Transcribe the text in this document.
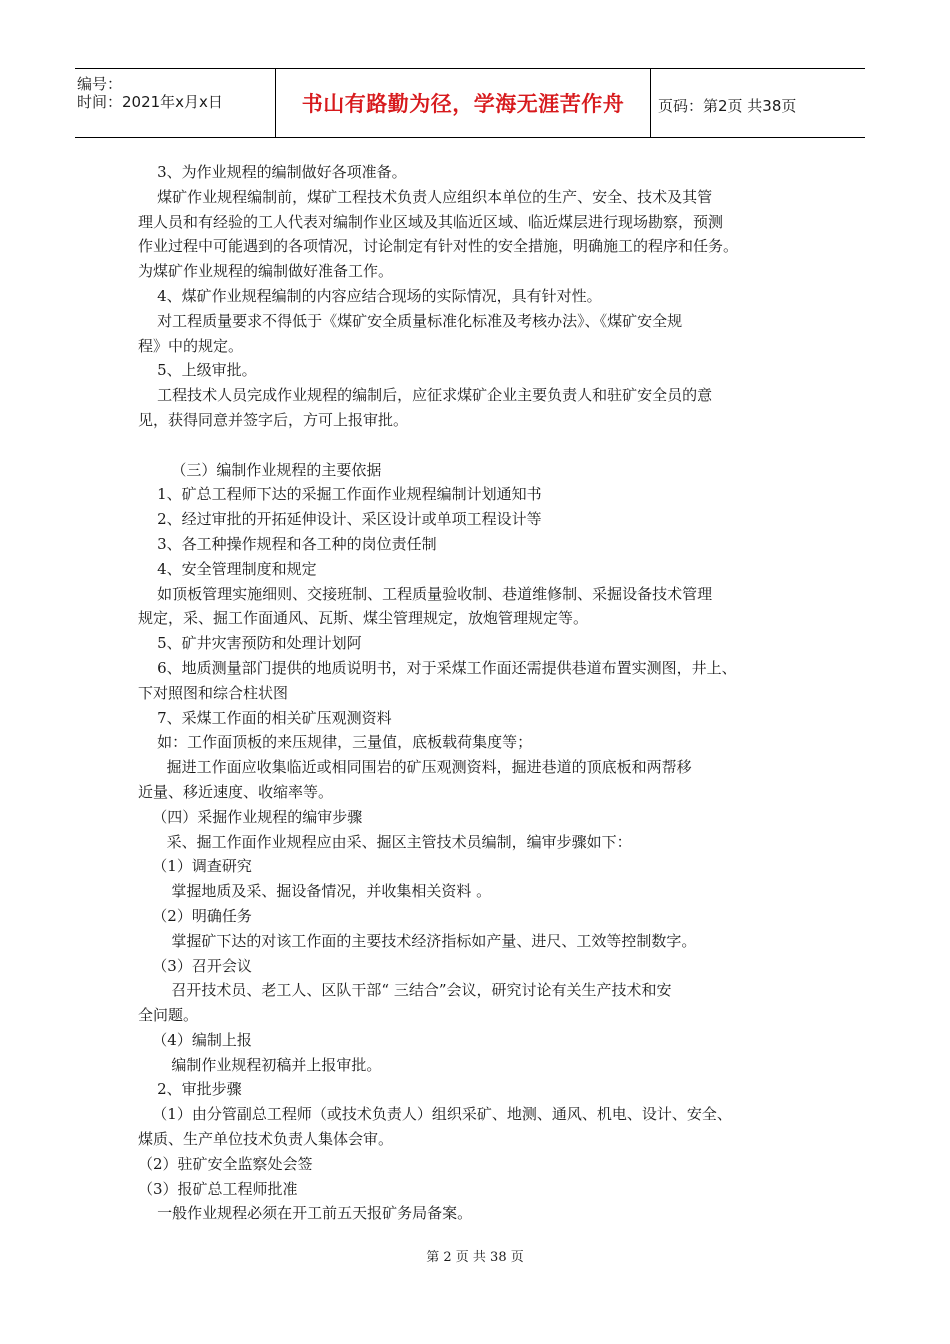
编号：
时间：2021年x月x日	书山有路勤为径，学海无涯苦作舟	页码：第2页 共38页
3、为作业规程的编制做好各项准备。
煤矿作业规程编制前，煤矿工程技术负责人应组织本单位的生产、安全、技术及其管
理人员和有经验的工人代表对编制作业区域及其临近区域、临近煤层进行现场勘察，预测
作业过程中可能遇到的各项情况，讨论制定有针对性的安全措施，明确施工的程序和任务。
为煤矿作业规程的编制做好准备工作。
4、煤矿作业规程编制的内容应结合现场的实际情况，具有针对性。
对工程质量要求不得低于《煤矿安全质量标准化标准及考核办法》、《煤矿安全规
程》中的规定。
5、上级审批。
工程技术人员完成作业规程的编制后，应征求煤矿企业主要负责人和驻矿安全员的意
见，获得同意并签字后，方可上报审批。
（三）编制作业规程的主要依据
1、矿总工程师下达的采掘工作面作业规程编制计划通知书
2、经过审批的开拓延伸设计、采区设计或单项工程设计等
3、各工种操作规程和各工种的岗位责任制
4、安全管理制度和规定
如顶板管理实施细则、交接班制、工程质量验收制、巷道维修制、采掘设备技术管理
规定，采、掘工作面通风、瓦斯、煤尘管理规定，放炮管理规定等。
5、矿井灾害预防和处理计划阿
6、地质测量部门提供的地质说明书，对于采煤工作面还需提供巷道布置实测图，井上、
下对照图和综合柱状图
7、采煤工作面的相关矿压观测资料
如：工作面顶板的来压规律，三量值，底板载荷集度等；
掘进工作面应收集临近或相同围岩的矿压观测资料，掘进巷道的顶底板和两帮移
近量、移近速度、收缩率等。
（四）采掘作业规程的编审步骤
采、掘工作面作业规程应由采、掘区主管技术员编制，编审步骤如下：
（1）调查研究
掌握地质及采、掘设备情况，并收集相关资料 。
（2）明确任务
掌握矿下达的对该工作面的主要技术经济指标如产量、进尺、工效等控制数字。
（3）召开会议
召开技术员、老工人、区队干部“ 三结合”会议，研究讨论有关生产技术和安
全问题。
（4）编制上报
编制作业规程初稿并上报审批。
2、审批步骤
（1）由分管副总工程师（或技术负责人）组织采矿、地测、通风、机电、设计、安全、
煤质、生产单位技术负责人集体会审。
（2）驻矿安全监察处会签
（3）报矿总工程师批准
一般作业规程必须在开工前五天报矿务局备案。
第 2 页 共 38 页
